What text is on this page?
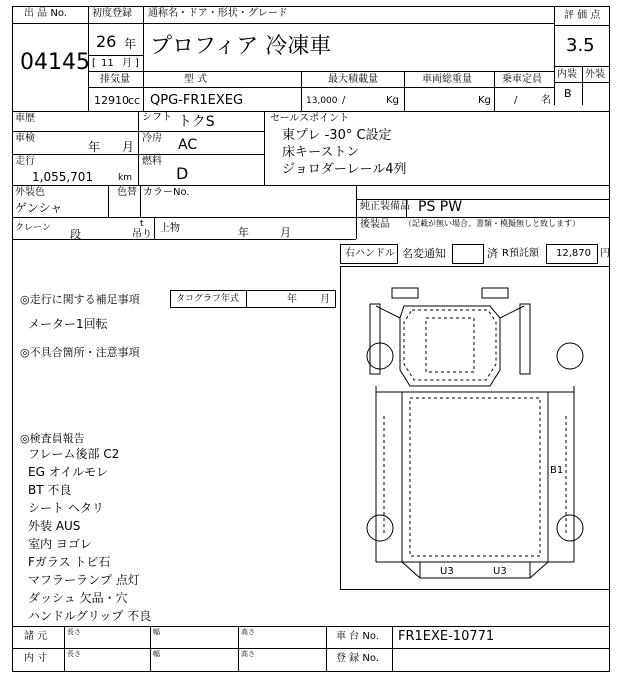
出 品 No.
04145
初度登録 通称名・ドア・形状・グレード
26 年
[ 11 月 ]
プロフィア 冷凍車
評 価 点
3.5
内装 外装
B
排気量	型 式	最大積載量	車両総重量	乗車定員
12910 cc QPG-FR1EXEG	13,000 /	Kg	Kg / 名
車歴	シフト トクS	セールスポイント
車検
年 月
冷房 AC
走行
1,055,701	km
燃料
D
東プレ -30° C設定
床キーストン
ジョロダーレール4列
外装色
ゲンシャ
色替 カラーNo.
純正装備品 PS PW
後装品 （記載が無い場合、書類・模擬無しと致します）
クレーン 段
t
吊り
上物	年	月
右ハンドル 名変通知	済 R預託額 12,870 円
◎走行に関する補足事項	タコグラフ年式	年 月
メーター1回転
◎不具合箇所・注意事項
◎検査員報告
フレーム後部 C2
EG オイルモレ
BT 不良
シート ヘタリ
外装 AUS
室内 ヨゴレ
Fガラス トビ石
マフラーランプ 点灯
ダッシュ 欠品・穴
ハンドルグリップ 不良
B1
U3	U3
諸 元
内 寸
長さ	幅	高さ
長さ	幅	高さ
車 台 No. FR1EXE-10771
登 録 No.
